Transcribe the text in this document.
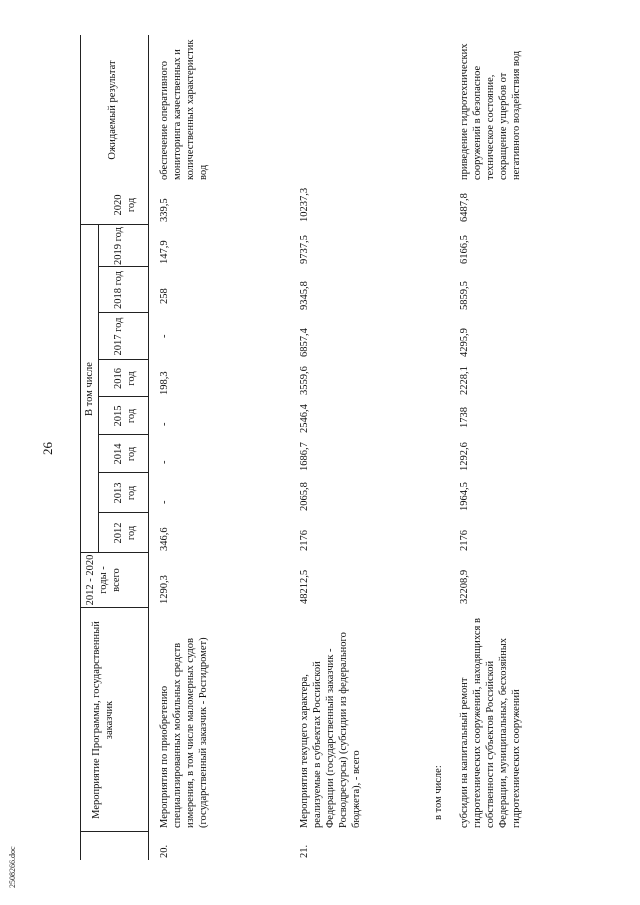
26
2508266.doc
Мероприятие Программы, государственный заказчик
2012 - 2020 годы - всего
В том числе
2012 год
2013 год
2014 год
2015 год
2016 год
2017 год
2018 год
2019 год
2020 год
Ожидаемый результат
20.
Мероприятия по приобретению специализированных мобильных средств измерения, в том числе маломерных судов (государственный заказчик - Росгидромет)
1290,3
346,6
-
-
-
198,3
-
258
147,9
339,5
обеспечение оперативного мониторинга качественных и количественных характеристик вод
21.
Мероприятия текущего характера, реализуемые в субъектах Российской Федерации (государственный заказчик - Росводресурсы) (субсидии из федерального бюджета), - всего
48212,5
2176
2065,8
1686,7
2546,4
3559,6
6857,4
9345,8
9737,5
10237,3
в том числе: субсидии на капитальный ремонт гидротехнических сооружений, находящихся в собственности субъектов Российской Федерации, муниципальных, бесхозяйных гидротехнических сооружений
32208,9
2176
1964,5
1292,6
1738
2228,1
4295,9
5859,5
6166,5
6487,8
приведение гидротехнических сооружений в безопасное техническое состояние, сокращение ущербов от негативного воздействия вод
